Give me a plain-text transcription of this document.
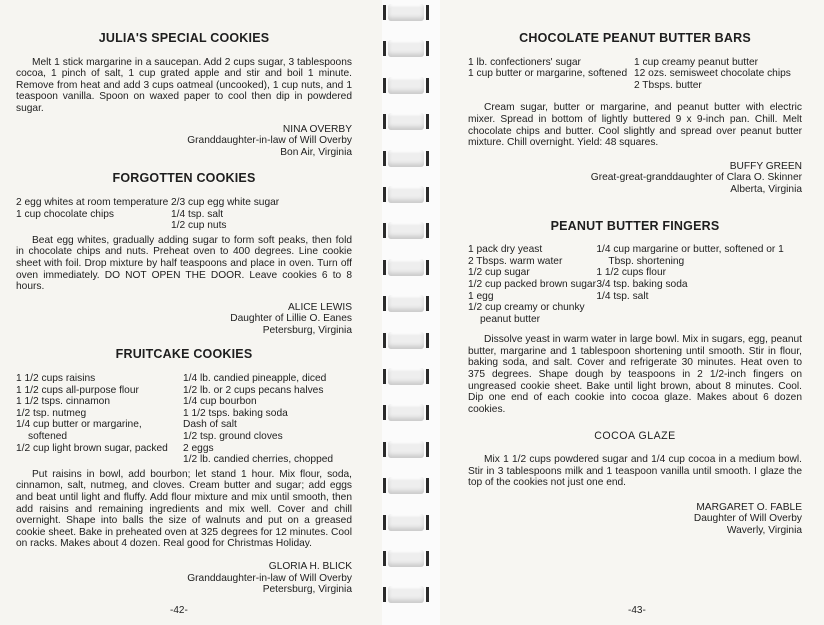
JULIA'S SPECIAL COOKIES

Melt 1 stick margarine in a saucepan. Add 2 cups sugar, 3 tablespoons cocoa, 1 pinch of salt, 1 cup grated apple and stir and boil 1 minute. Remove from heat and add 3 cups oatmeal (uncooked), 1 cup nuts, and 1 teaspoon vanilla. Spoon on waxed paper to cool then dip in powdered sugar.

NINA OVERBY
Granddaughter-in-law of Will Overby
Bon Air, Virginia
FORGOTTEN COOKIES
2 egg whites at room temperature
1 cup chocolate chips
2/3 cup egg white sugar
1/4 tsp. salt
1/2 cup nuts

Beat egg whites, gradually adding sugar to form soft peaks, then fold in chocolate chips and nuts. Preheat oven to 400 degrees. Line cookie sheet with foil. Drop mixture by half teaspoons and place in oven. Turn off oven immediately. DO NOT OPEN THE DOOR. Leave cookies 6 to 8 hours.

ALICE LEWIS
Daughter of Lillie O. Eanes
Petersburg, Virginia
FRUITCAKE COOKIES
1 1/2 cups raisins
1 1/2 cups all-purpose flour
1 1/2 tsps. cinnamon
1/2 tsp. nutmeg
1/4 cup butter or margarine, softened
1/2 cup light brown sugar, packed
1/4 lb. candied pineapple, diced
1/2 lb. or 2 cups pecans halves
1/4 cup bourbon
1 1/2 tsps. baking soda
Dash of salt
1/2 tsp. ground cloves
2 eggs
1/2 lb. candied cherries, chopped

Put raisins in bowl, add bourbon; let stand 1 hour. Mix flour, soda, cinnamon, salt, nutmeg, and cloves. Cream butter and sugar; add eggs and beat until light and fluffy. Add flour mixture and mix until smooth, then add raisins and remaining ingredients and mix well. Cover and chill overnight. Shape into balls the size of walnuts and put on a greased cookie sheet. Bake in preheated oven at 325 degrees for 12 minutes. Cool on racks. Makes about 4 dozen. Real good for Christmas Holiday.

GLORIA H. BLICK
Granddaughter-in-law of Will Overby
Petersburg, Virginia
-42-
CHOCOLATE PEANUT BUTTER BARS
1 lb. confectioners' sugar
1 cup butter or margarine, softened
1 cup creamy peanut butter
12 ozs. semisweet chocolate chips
2 Tbsps. butter

Cream sugar, butter or margarine, and peanut butter with electric mixer. Spread in bottom of lightly buttered 9 x 9-inch pan. Chill. Melt chocolate chips and butter. Cool slightly and spread over peanut butter mixture. Chill overnight. Yield: 48 squares.

BUFFY GREEN
Great-great-granddaughter of Clara O. Skinner
Alberta, Virginia
PEANUT BUTTER FINGERS
1 pack dry yeast
2 Tbsps. warm water
1/2 cup sugar
1/2 cup packed brown sugar
1 egg
1/2 cup creamy or chunky peanut butter
1/4 cup margarine or butter, softened or 1 Tbsp. shortening
1 1/2 cups flour
3/4 tsp. baking soda
1/4 tsp. salt

Dissolve yeast in warm water in large bowl. Mix in sugars, egg, peanut butter, margarine and 1 tablespoon shortening until smooth. Stir in flour, baking soda, and salt. Cover and refrigerate 30 minutes. Heat oven to 375 degrees. Shape dough by teaspoons in 2 1/2-inch fingers on ungreased cookie sheet. Bake until light brown, about 8 minutes. Cool. Dip one end of each cookie into cocoa glaze. Makes about 6 dozen cookies.

COCOA GLAZE

Mix 1 1/2 cups powdered sugar and 1/4 cup cocoa in a medium bowl. Stir in 3 tablespoons milk and 1 teaspoon vanilla until smooth. I glaze the top of the cookies not just one end.

MARGARET O. FABLE
Daughter of Will Overby
Waverly, Virginia
-43-
